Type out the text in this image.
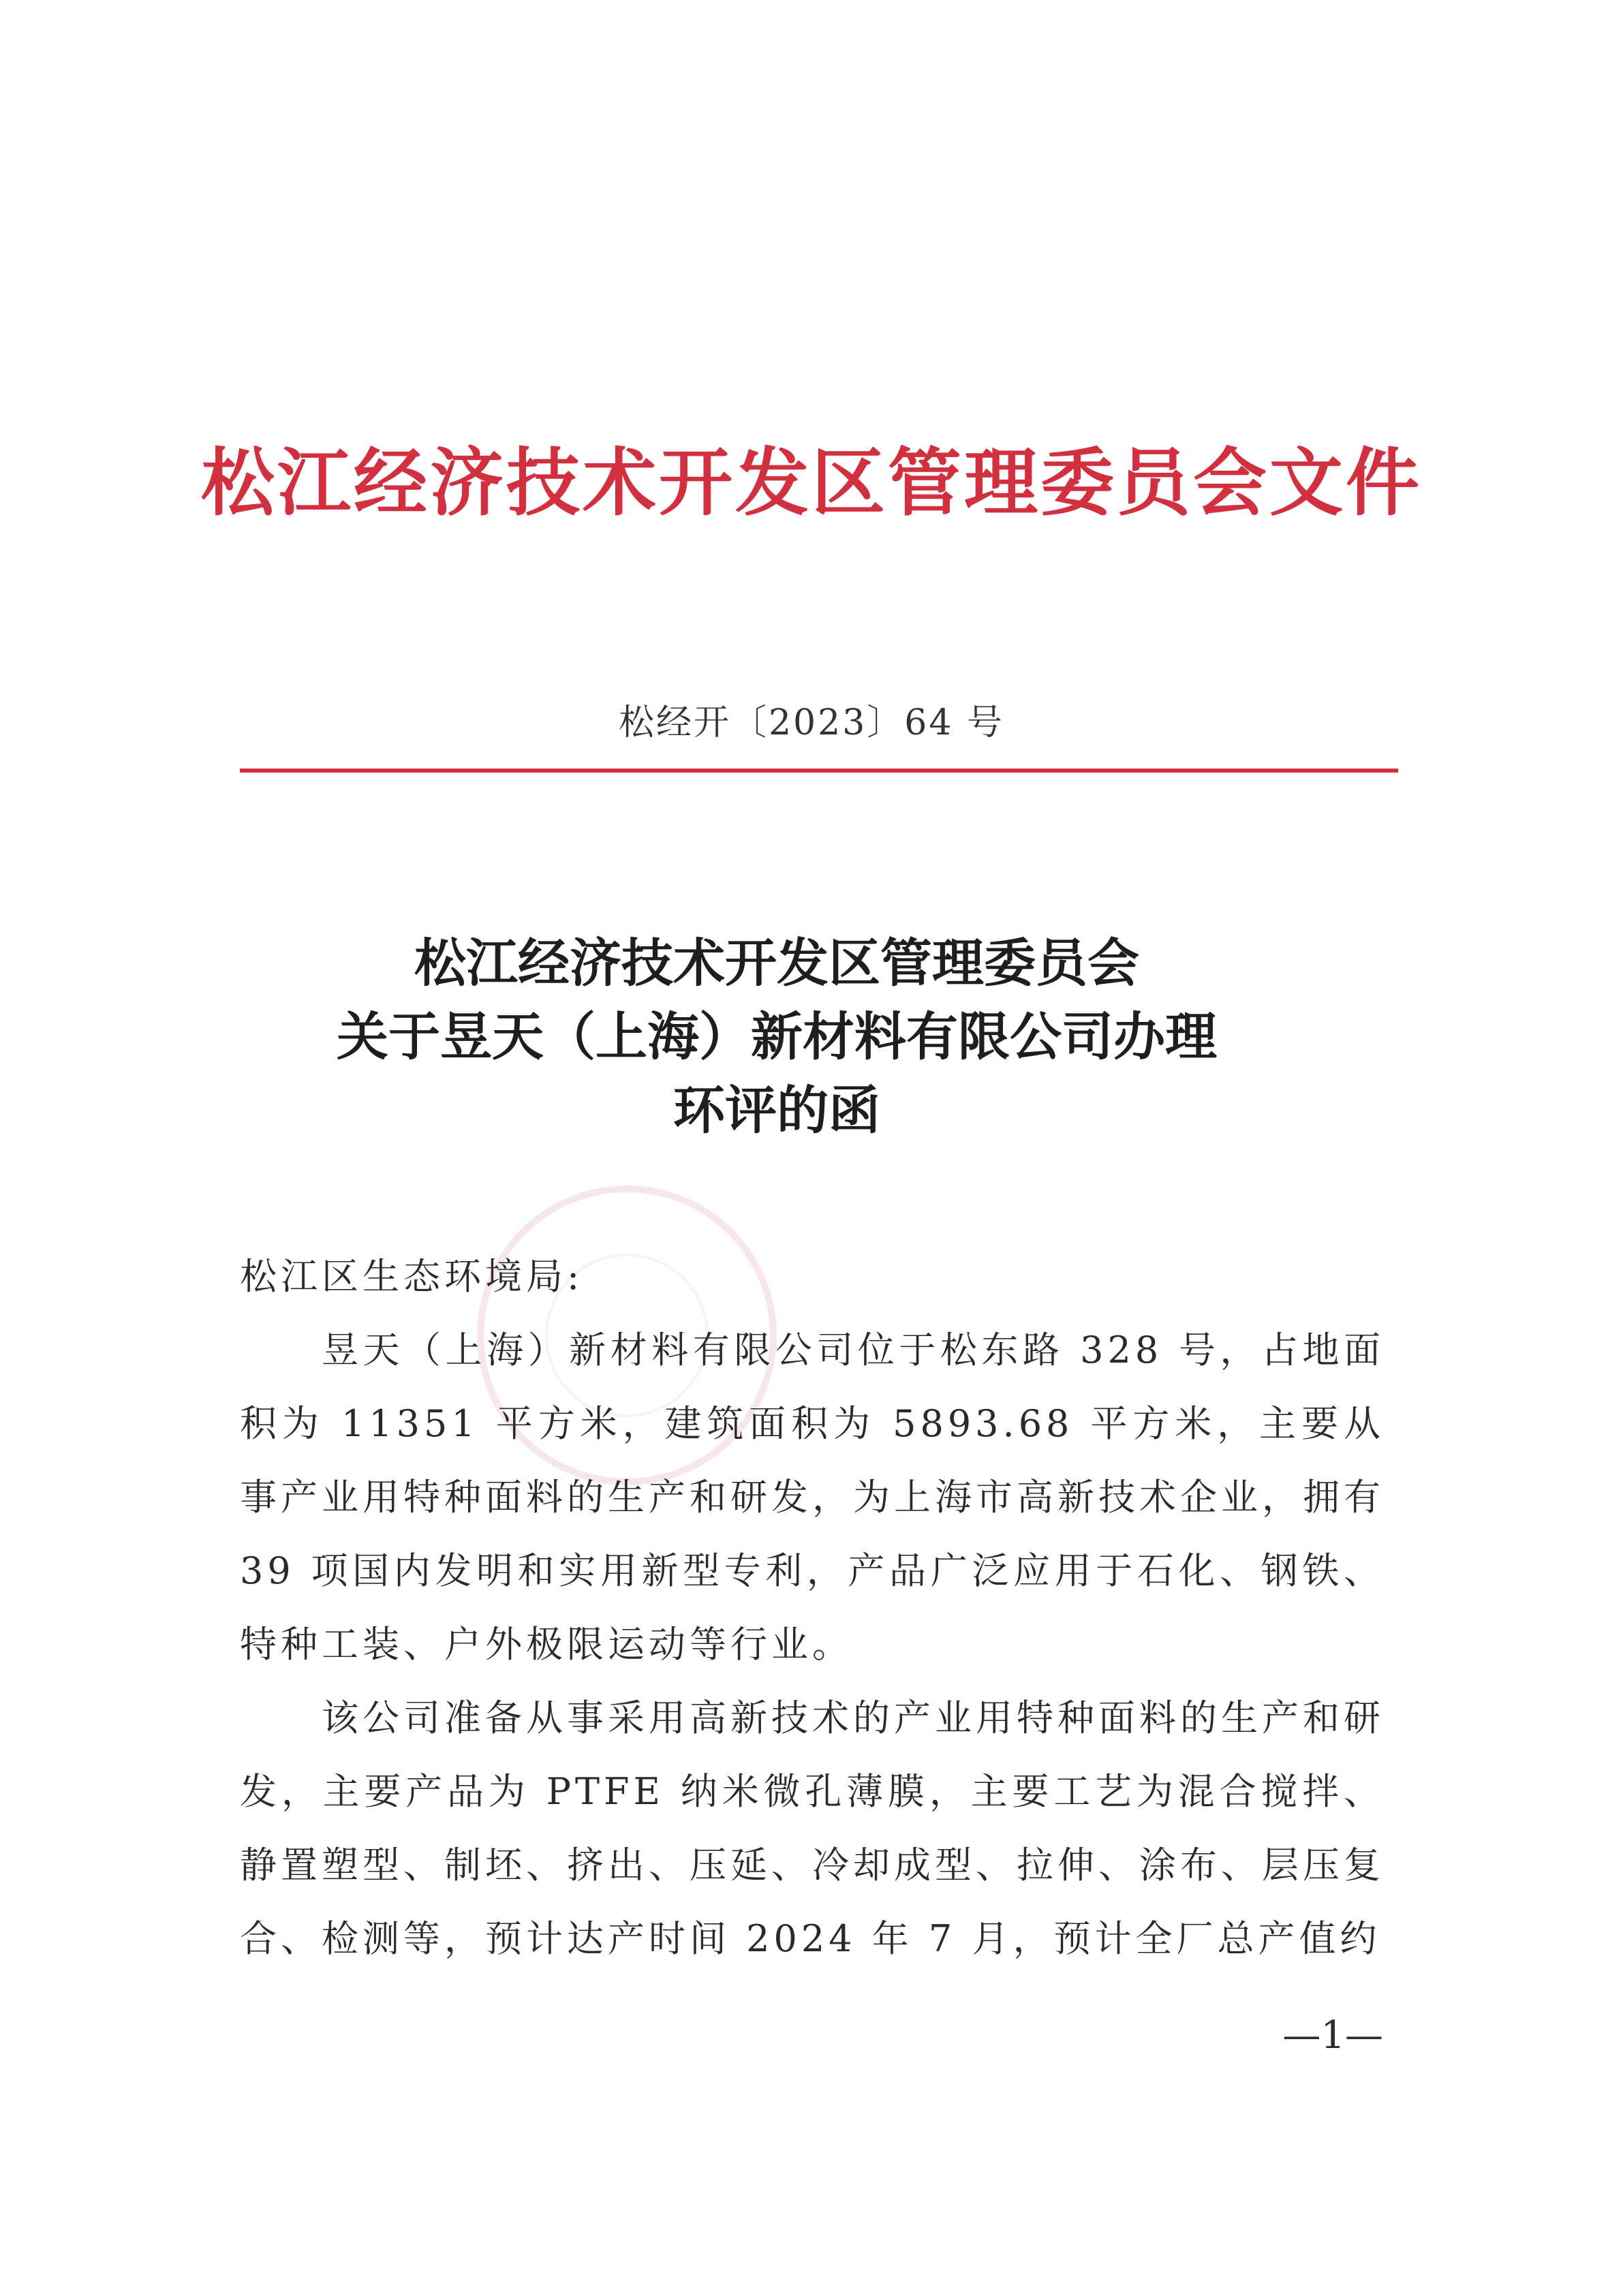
松江经济技术开发区管理委员会文件
松经开〔2023〕64 号
松江经济技术开发区管理委员会
关于昱天（上海）新材料有限公司办理
环评的函

松江区生态环境局:

昱天（上海）新材料有限公司位于松东路 328 号，占地面积为 11351 平方米，建筑面积为 5893.68 平方米，主要从事产业用特种面料的生产和研发，为上海市高新技术企业，拥有 39 项国内发明和实用新型专利，产品广泛应用于石化、钢铁、特种工装、户外极限运动等行业。

该公司准备从事采用高新技术的产业用特种面料的生产和研发，主要产品为 PTFE 纳米微孔薄膜，主要工艺为混合搅拌、静置塑型、制坯、挤出、压延、冷却成型、拉伸、涂布、层压复合、检测等，预计达产时间 2024 年 7 月，预计全厂总产值约

—1—
